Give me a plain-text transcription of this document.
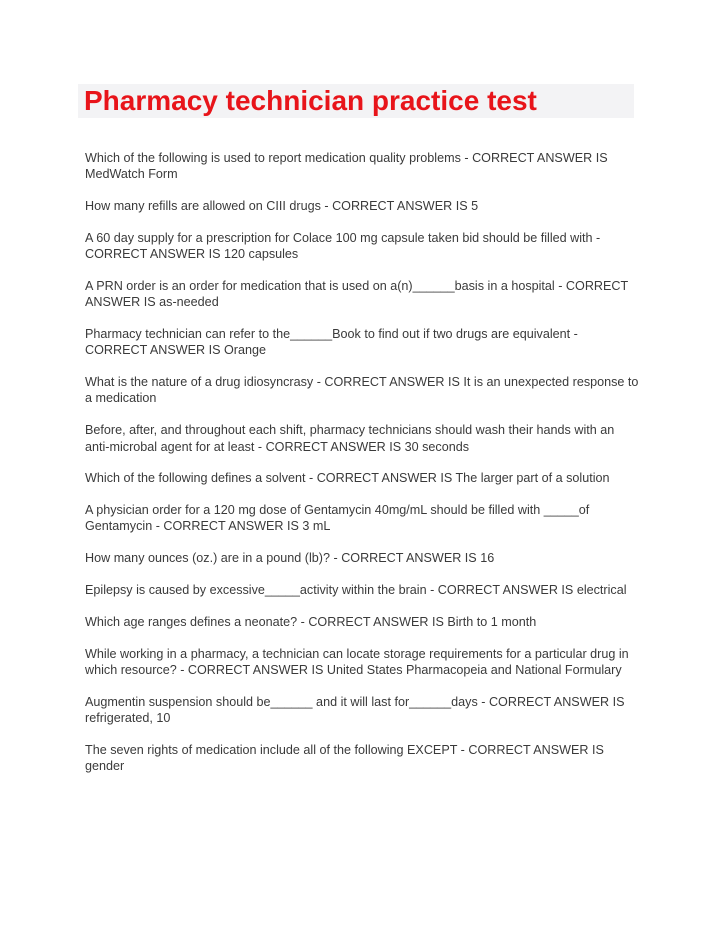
Pharmacy technician practice test
Which of the following is used to report medication quality problems - CORRECT ANSWER IS MedWatch Form
How many refills are allowed on CIII drugs - CORRECT ANSWER IS 5
A 60 day supply for a prescription for Colace 100 mg capsule taken bid should be filled with - CORRECT ANSWER IS 120 capsules
A PRN order is an order for medication that is used on a(n)______basis in a hospital - CORRECT ANSWER IS as-needed
Pharmacy technician can refer to the______Book to find out if two drugs are equivalent - CORRECT ANSWER IS Orange
What is the nature of a drug idiosyncrasy - CORRECT ANSWER IS It is an unexpected response to a medication
Before, after, and throughout each shift, pharmacy technicians should wash their hands with an anti-microbal agent for at least - CORRECT ANSWER IS 30 seconds
Which of the following defines a solvent - CORRECT ANSWER IS The larger part of a solution
A physician order for a 120 mg dose of Gentamycin 40mg/mL should be filled with _____of Gentamycin - CORRECT ANSWER IS 3 mL
How many ounces (oz.) are in a pound (lb)? - CORRECT ANSWER IS 16
Epilepsy is caused by excessive_____activity within the brain - CORRECT ANSWER IS electrical
Which age ranges defines a neonate? - CORRECT ANSWER IS Birth to 1 month
While working in a pharmacy, a technician can locate storage requirements for a particular drug in which resource? - CORRECT ANSWER IS United States Pharmacopeia and National Formulary
Augmentin suspension should be______ and it will last for______days - CORRECT ANSWER IS refrigerated, 10
The seven rights of medication include all of the following EXCEPT - CORRECT ANSWER IS gender
